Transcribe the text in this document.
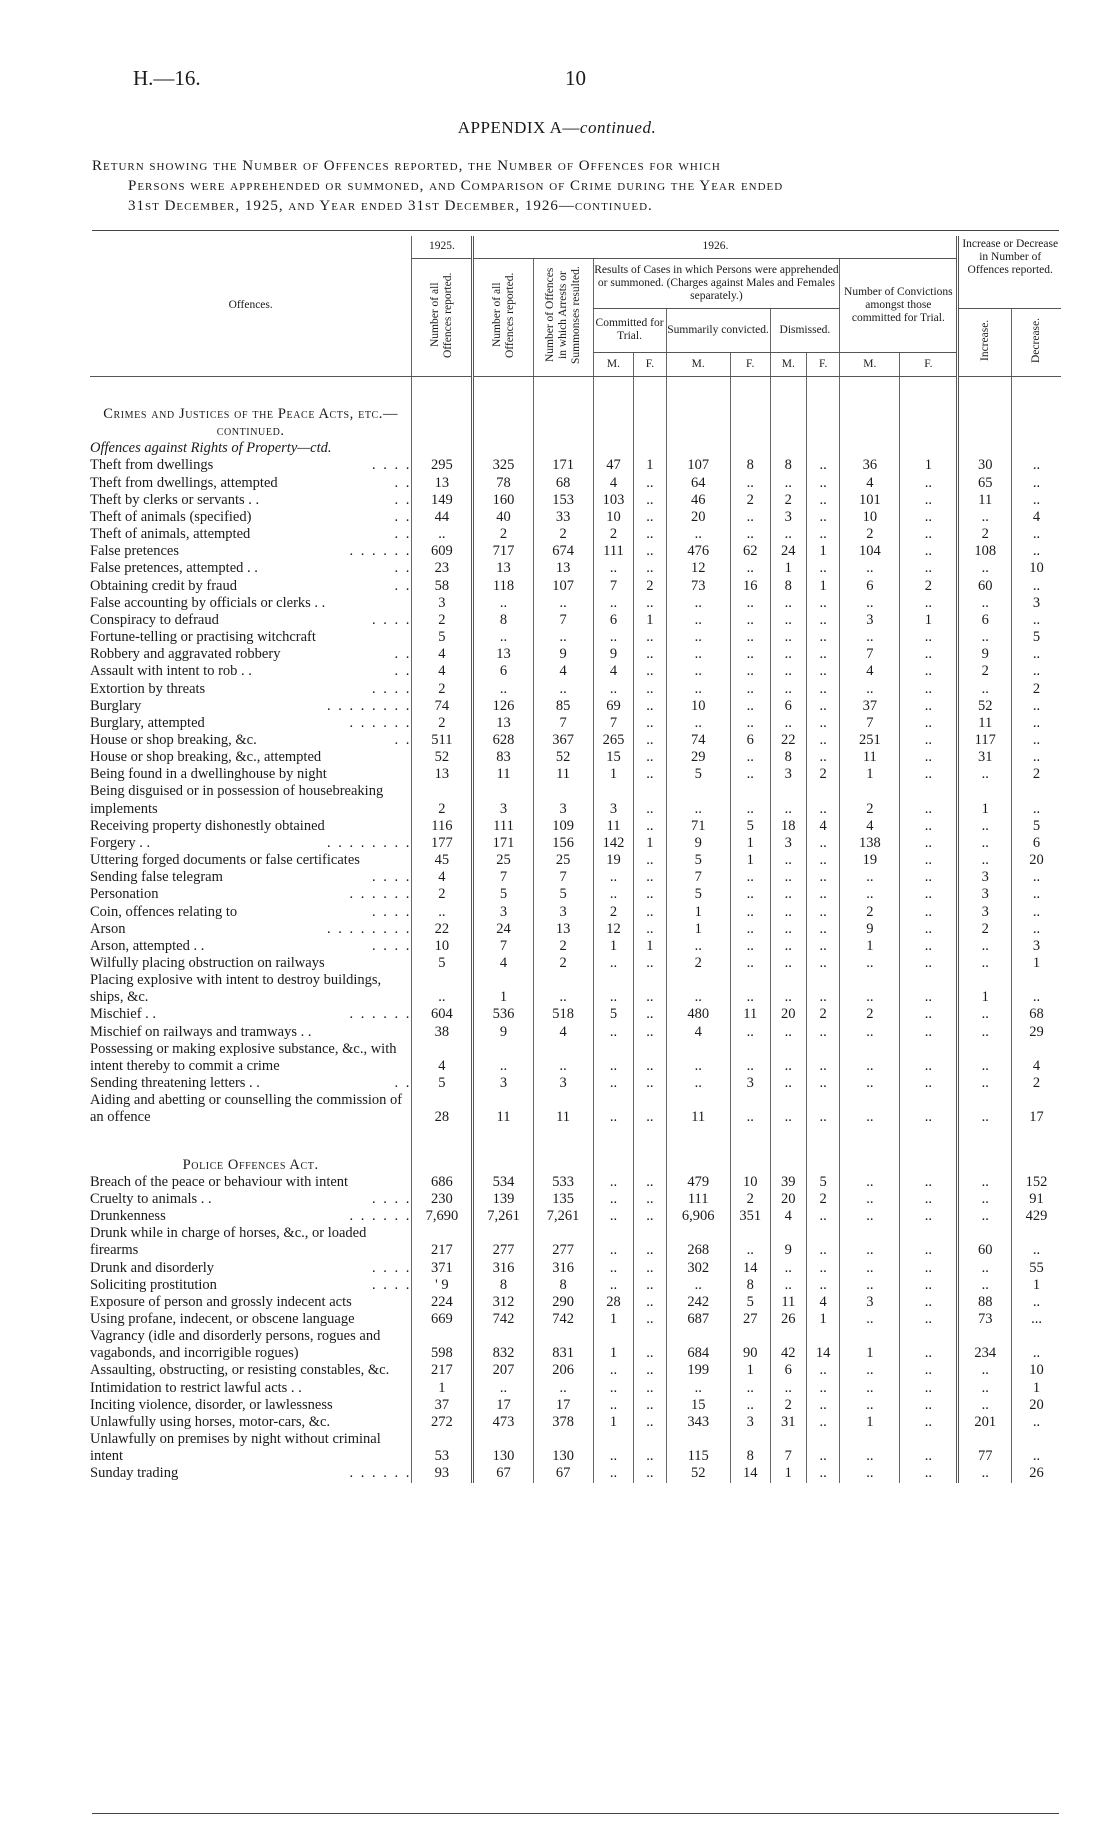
H.—16.	10
APPENDIX A—continued.
Return showing the Number of Offences reported, the Number of Offences for which
Persons were apprehended or summoned, and Comparison of Crime during the Year ended
31st December, 1925, and Year ended 31st December, 1926—continued.
Offences.	1925.	1926.										Increase or Decrease in Number of Offences reported.	
	Number of all Offences reported.	Number of all Offences reported.	Number of Offences in which Arrests or Summonses resulted.	Results of Cases in which Persons were apprehended or summoned. (Charges against Males and Females separately.)						Number of Convictions amongst those committed for Trial.			
				Committed for Trial.		Summarily convicted.		Dismissed.				Increase.	Decrease.
				M.	F.	M.	F.	M.	F.	M.	F.		

Crimes and Justices of the Peace Acts, etc.—continued.													
Offences against Rights of Property—ctd.													
Theft from dwellings . . . .	295	325	171	47	1	107	8	8	..	36	1	30	..
Theft from dwellings, attempted . .	13	78	68	4	..	64	..	..	..	4	..	65	..
Theft by clerks or servants . . . .	149	160	153	103	..	46	2	2	..	101	..	11	..
Theft of animals (specified) . .	44	40	33	10	..	20	..	3	..	10	..	..	4
Theft of animals, attempted . .	..	2	2	2	..	..	..	..	..	2	..	2	..
False pretences . . . . . .	609	717	674	111	..	476	62	24	1	104	..	108	..
False pretences, attempted . . . .	23	13	13	..	..	12	..	1	..	..	..	..	10
Obtaining credit by fraud . .	58	118	107	7	2	73	16	8	1	6	2	60	..
False accounting by officials or clerks . .	3	..	..	..	..	..	..	..	..	..	..	..	3
Conspiracy to defraud . . . .	2	8	7	6	1	..	..	..	..	3	1	6	..
Fortune-telling or practising witchcraft	5	..	..	..	..	..	..	..	..	..	..	..	5
Robbery and aggravated robbery . .	4	13	9	9	..	..	..	..	..	7	..	9	..
Assault with intent to rob . . . .	4	6	4	4	..	..	..	..	..	4	..	2	..
Extortion by threats . . . .	2	..	..	..	..	..	..	..	..	..	..	..	2
Burglary . . . . . . . .	74	126	85	69	..	10	..	6	..	37	..	52	..
Burglary, attempted . . . . . .	2	13	7	7	..	..	..	..	..	7	..	11	..
House or shop breaking, &c. . .	511	628	367	265	..	74	6	22	..	251	..	117	..
House or shop breaking, &c., attempted	52	83	52	15	..	29	..	8	..	11	..	31	..
Being found in a dwellinghouse by night	13	11	11	1	..	5	..	3	2	1	..	..	2
Being disguised or in possession of housebreaking implements	2	3	3	3	..	..	..	..	..	2	..	1	..
Receiving property dishonestly obtained	116	111	109	11	..	71	5	18	4	4	..	..	5
Forgery . . . . . . . . . .	177	171	156	142	1	9	1	3	..	138	..	..	6
Uttering forged documents or false certificates	45	25	25	19	..	5	1	..	..	19	..	..	20
Sending false telegram . . . .	4	7	7	..	..	7	..	..	..	..	..	3	..
Personation . . . . . .	2	5	5	..	..	5	..	..	..	..	..	3	..
Coin, offences relating to . . . .	..	3	3	2	..	1	..	..	..	2	..	3	..
Arson . . . . . . . .	22	24	13	12	..	1	..	..	..	9	..	2	..
Arson, attempted . . . . . .	10	7	2	1	1	..	..	..	..	1	..	..	3
Wilfully placing obstruction on railways	5	4	2	..	..	2	..	..	..	..	..	..	1
Placing explosive with intent to destroy buildings, ships, &c.	..	1	..	..	..	..	..	..	..	..	..	1	..
Mischief . . . . . . . .	604	536	518	5	..	480	11	20	2	2	..	..	68
Mischief on railways and tramways . .	38	9	4	..	..	4	..	..	..	..	..	..	29
Possessing or making explosive substance, &c., with intent thereby to commit a crime	4	..	..	..	..	..	..	..	..	..	..	..	4
Sending threatening letters . . . .	5	3	3	..	..	..	3	..	..	..	..	..	2
Aiding and abetting or counselling the commission of an offence	28	11	11	..	..	11	..	..	..	..	..	..	17

Police Offences Act.													
Breach of the peace or behaviour with intent	686	534	533	..	..	479	10	39	5	..	..	..	152
Cruelty to animals . . . . . .	230	139	135	..	..	111	2	20	2	..	..	..	91
Drunkenness . . . . . .	7,690	7,261	7,261	..	..	6,906	351	4	..	..	..	..	429
Drunk while in charge of horses, &c., or loaded firearms	217	277	277	..	..	268	..	9	..	..	..	60	..
Drunk and disorderly . . . .	371	316	316	..	..	302	14	..	..	..	..	..	55
Soliciting prostitution . . . .	' 9	8	8	..	..	..	8	..	..	..	..	..	1
Exposure of person and grossly indecent acts	224	312	290	28	..	242	5	11	4	3	..	88	..
Using profane, indecent, or obscene language	669	742	742	1	..	687	27	26	1	..	..	73	...
Vagrancy (idle and disorderly persons, rogues and vagabonds, and incorrigible rogues)	598	832	831	1	..	684	90	42	14	1	..	234	..
Assaulting, obstructing, or resisting constables, &c.	217	207	206	..	..	199	1	6	..	..	..	..	10
Intimidation to restrict lawful acts . .	1	..	..	..	..	..	..	..	..	..	..	..	1
Inciting violence, disorder, or lawlessness	37	17	17	..	..	15	..	2	..	..	..	..	20
Unlawfully using horses, motor-cars, &c.	272	473	378	1	..	343	3	31	..	1	..	201	..
Unlawfully on premises by night without criminal intent	53	130	130	..	..	115	8	7	..	..	..	77	..
Sunday trading . . . . . .	93	67	67	..	..	52	14	1	..	..	..	..	26
